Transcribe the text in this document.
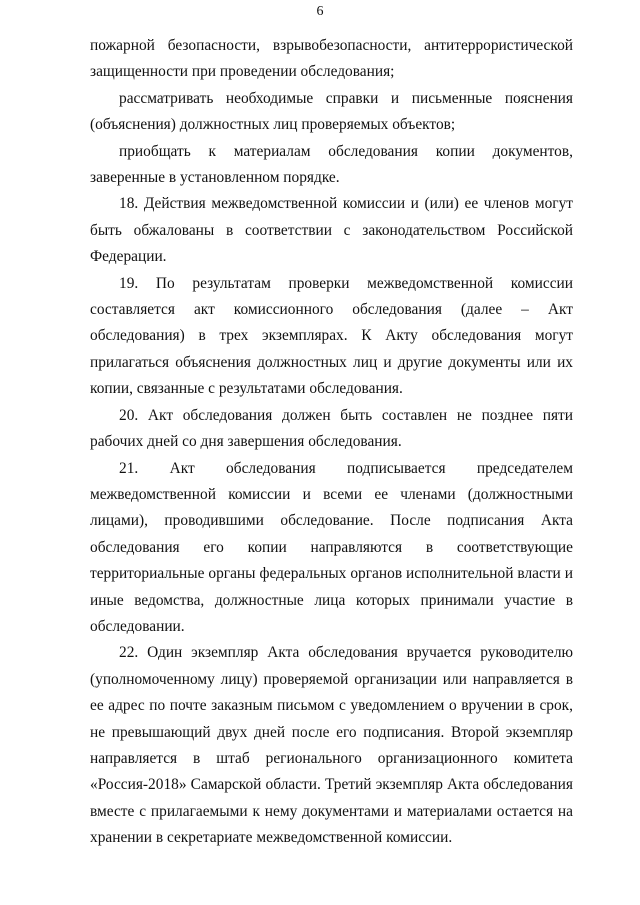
6

пожарной безопасности, взрывобезопасности, антитеррористической защищенности при проведении обследования;

рассматривать необходимые справки и письменные пояснения (объяснения) должностных лиц проверяемых объектов;

приобщать к материалам обследования копии документов, заверенные в установленном порядке.

18. Действия межведомственной комиссии и (или) ее членов могут быть обжалованы в соответствии с законодательством Российской Федерации.

19. По результатам проверки межведомственной комиссии составляется акт комиссионного обследования (далее – Акт обследования) в трех экземплярах. К Акту обследования могут прилагаться объяснения должностных лиц и другие документы или их копии, связанные с результатами обследования.

20. Акт обследования должен быть составлен не позднее пяти рабочих дней со дня завершения обследования.

21. Акт обследования подписывается председателем межведомственной комиссии и всеми ее членами (должностными лицами), проводившими обследование. После подписания Акта обследования его копии направляются в соответствующие территориальные органы федеральных органов исполнительной власти и иные ведомства, должностные лица которых принимали участие в обследовании.

22. Один экземпляр Акта обследования вручается руководителю (уполномоченному лицу) проверяемой организации или направляется в ее адрес по почте заказным письмом с уведомлением о вручении в срок, не превышающий двух дней после его подписания. Второй экземпляр направляется в штаб регионального организационного комитета «Россия-2018» Самарской области. Третий экземпляр Акта обследования вместе с прилагаемыми к нему документами и материалами остается на хранении в секретариате межведомственной комиссии.
